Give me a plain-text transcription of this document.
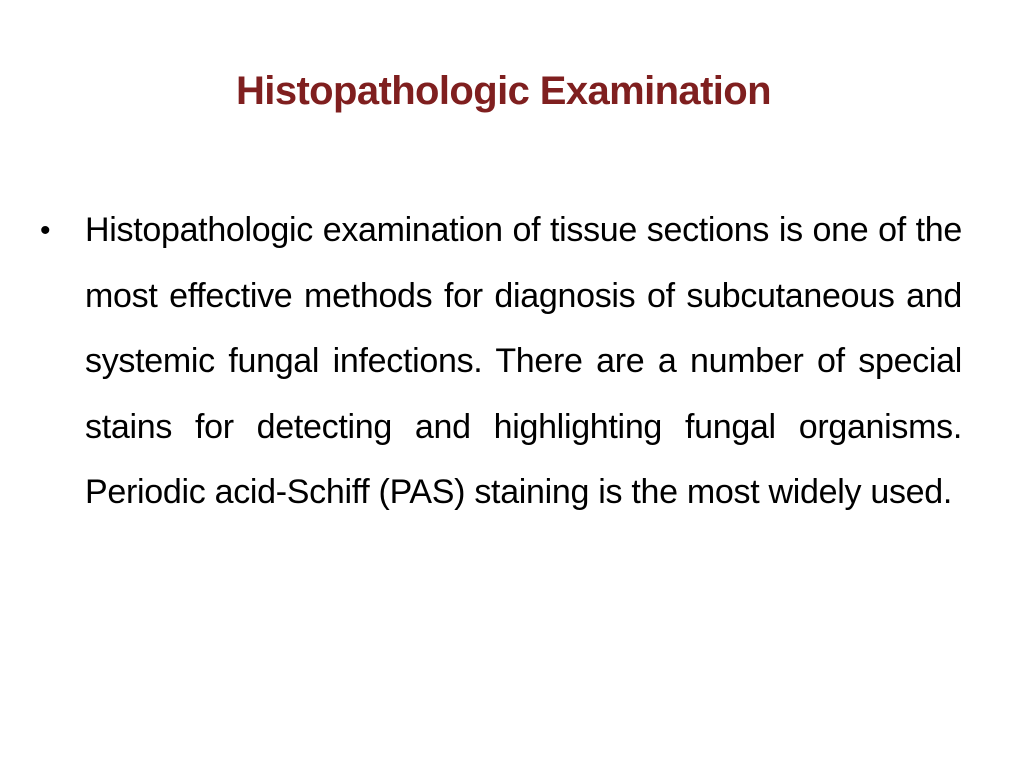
Histopathologic Examination
•	Histopathologic examination of tissue sections is one of the most effective methods for diagnosis of subcutaneous and systemic fungal infections. There are a number of special stains for detecting and highlighting fungal organisms. Periodic acid-Schiff (PAS) staining is the most widely used.
